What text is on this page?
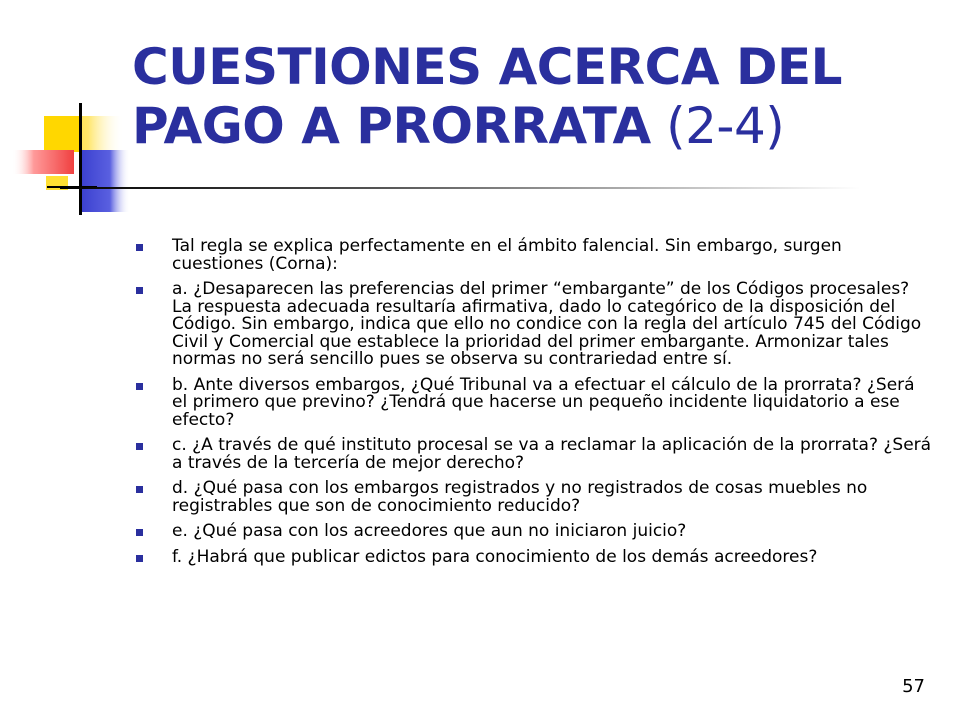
CUESTIONES ACERCA DEL PAGO A PRORRATA (2-4)
Tal regla se explica perfectamente en el ámbito falencial. Sin embargo, surgen cuestiones (Corna):
a. ¿Desaparecen las preferencias del primer “embargante” de los Códigos procesales? La respuesta adecuada resultaría afirmativa, dado lo categórico de la disposición del Código. Sin embargo, indica que ello no condice con la regla del artículo 745 del Código Civil y Comercial que establece la prioridad del primer embargante. Armonizar tales normas no será sencillo pues se observa su contrariedad entre sí.
b. Ante diversos embargos, ¿Qué Tribunal va a efectuar el cálculo de la prorrata? ¿Será el primero que previno? ¿Tendrá que hacerse un pequeño incidente liquidatorio a ese efecto?
c. ¿A través de qué instituto procesal se va a reclamar la aplicación de la prorrata? ¿Será a través de la tercería de mejor derecho?
d. ¿Qué pasa con los embargos registrados y no registrados de cosas muebles no registrables que son de conocimiento reducido?
e. ¿Qué pasa con los acreedores que aun no iniciaron juicio?
f. ¿Habrá que publicar edictos para conocimiento de los demás acreedores?
57
